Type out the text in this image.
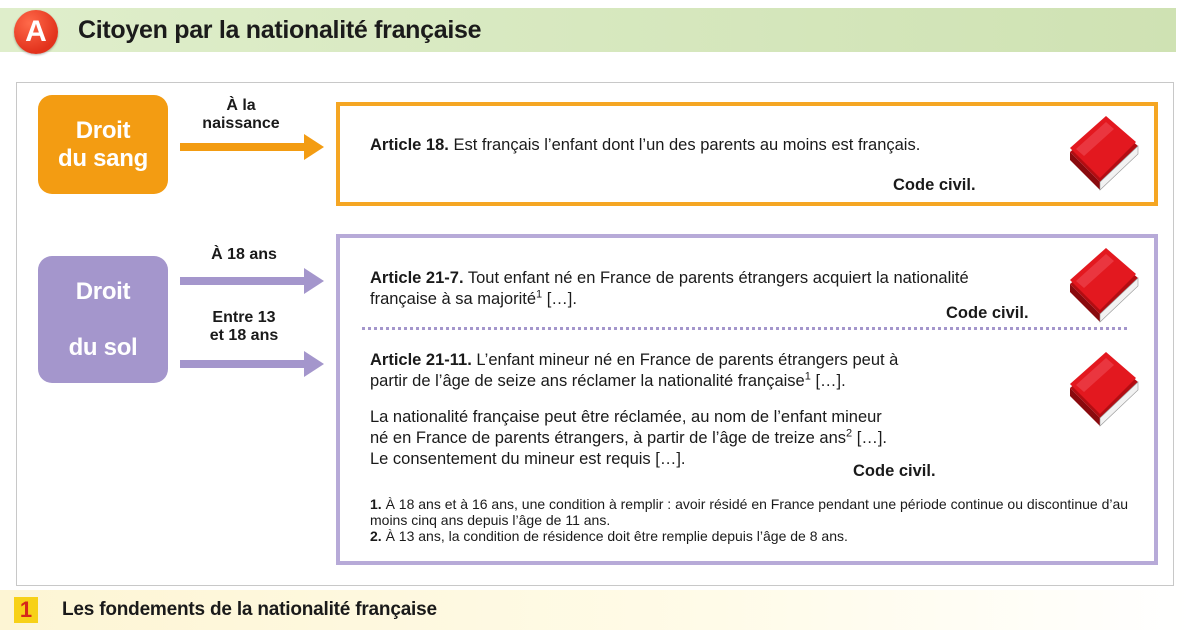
A	Citoyen par la nationalité française
Droit
du sang
À la
naissance
Article 18. Est français l’enfant dont l’un des parents au moins est français.
Code civil.
Droit

du sol
À 18 ans
Entre 13
et 18 ans
Article 21-7. Tout enfant né en France de parents étrangers acquiert la nationalité
française à sa majorité$^1$ […].
Code civil.
Article 21-11. L’enfant mineur né en France de parents étrangers peut à
partir de l’âge de seize ans réclamer la nationalité française$^1$ […].
La nationalité française peut être réclamée, au nom de l’enfant mineur
né en France de parents étrangers, à partir de l’âge de treize ans$^2$ […].
Le consentement du mineur est requis […].
Code civil.
1. À 18 ans et à 16 ans, une condition à remplir : avoir résidé en France pendant une période continue ou discontinue d’au moins cinq ans depuis l’âge de 11 ans.
2. À 13 ans, la condition de résidence doit être remplie depuis l’âge de 8 ans.
1	Les fondements de la nationalité française
